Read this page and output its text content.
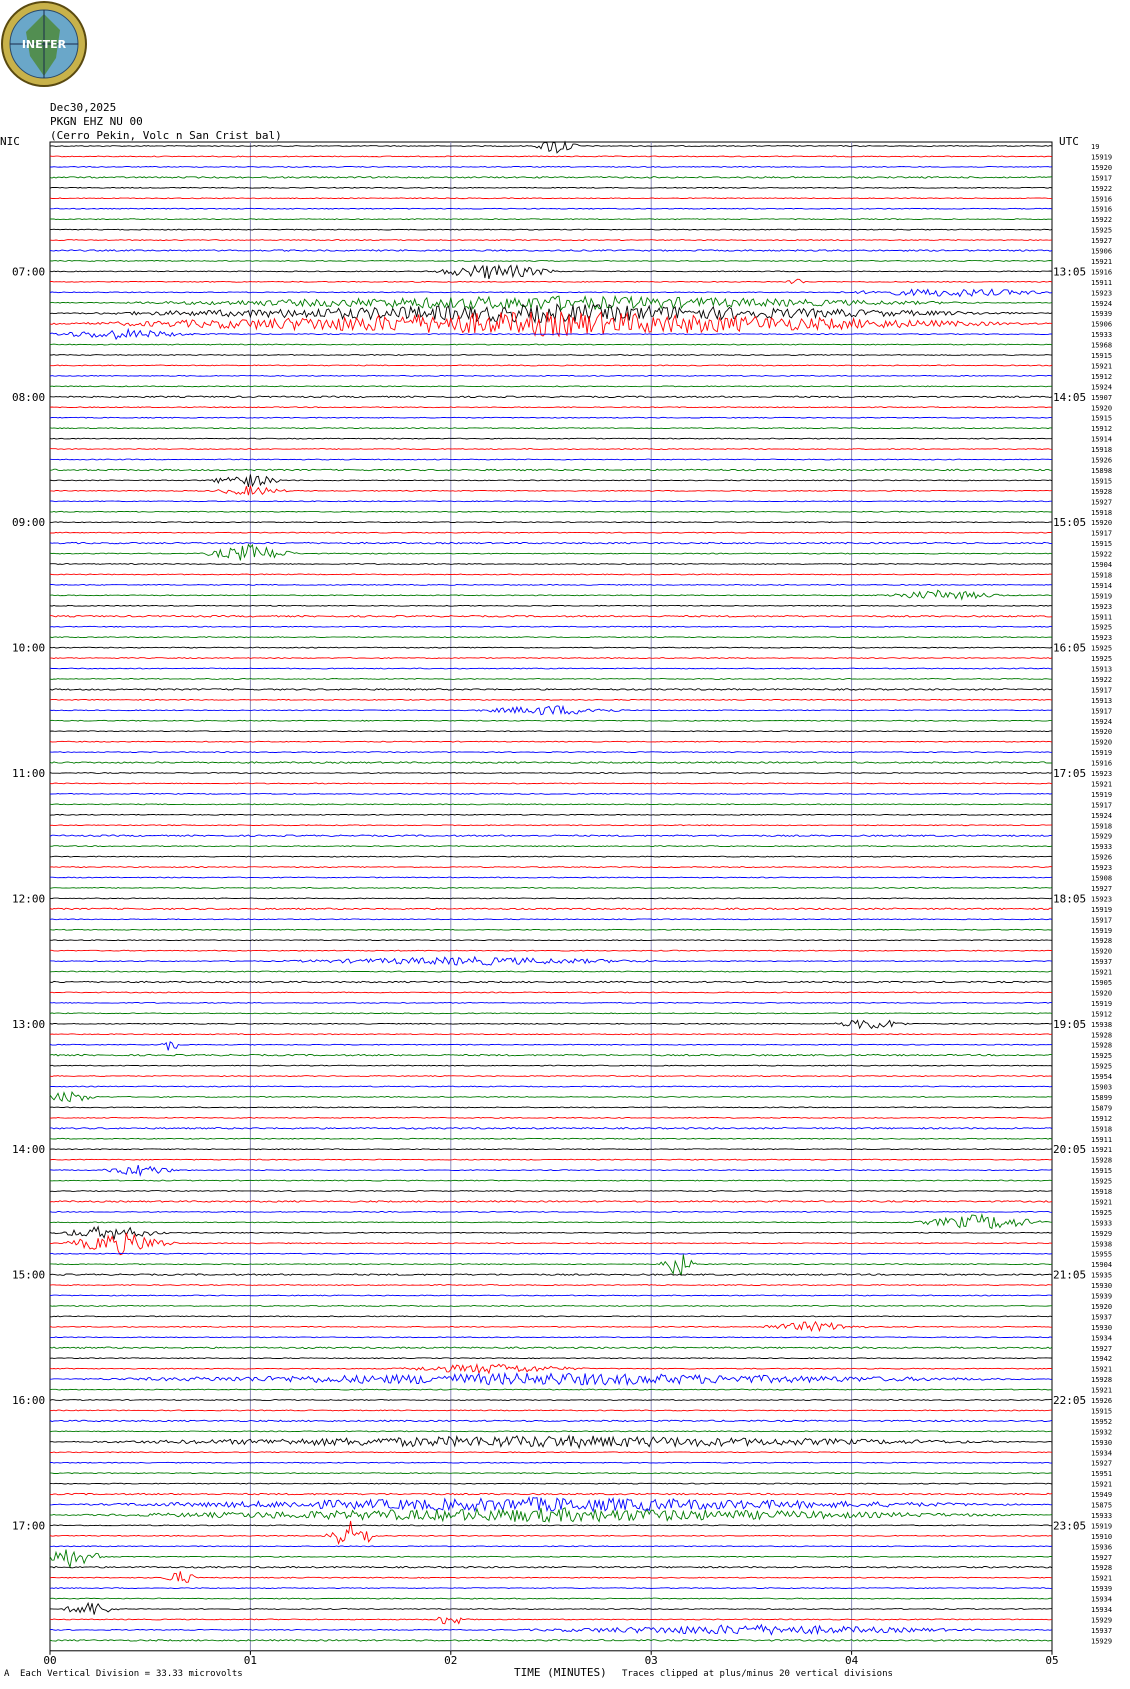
INETER
Dec30,2025
PKGN EHZ NU 00
(Cerro Pekin, Volc n San Crist bal)
19
15919
15920
15917
15922
15916
15916
15922
15925
15927
15906
15921
15916
15911
15923
15924
15939
15906
15933
15968
15915
15921
15912
15924
15907
15920
15915
15912
15914
15918
15926
15898
15915
15928
15927
15918
15920
15917
15915
15922
15904
15918
15914
15919
15923
15911
15925
15923
15925
15925
15913
15922
15917
15913
15917
15924
15920
15920
15919
15916
15923
15921
15919
15917
15924
15918
15929
15933
15926
15923
15908
15927
15923
15919
15917
15919
15928
15920
15937
15921
15905
15920
15919
15912
15938
15928
15928
15925
15925
15954
15903
15899
15879
15912
15918
15911
15921
15928
15915
15925
15918
15921
15925
15933
15929
15938
15955
15904
15935
15930
15939
15920
15937
15930
15934
15927
15942
15921
15928
15921
15926
15915
15952
15932
15930
15934
15927
15951
15921
15949
15875
15933
15919
15910
15936
15927
15928
15921
15939
15934
15934
15929
15937
15929
NIC	UTC
07:00
08:00
09:00
10:00
11:00
12:00
13:00
14:00
15:00
16:00
17:00
13:05
14:05
15:05
16:05
17:05
18:05
19:05
20:05
21:05
22:05
23:05
00	01	02	03	04	05
A Each Vertical Division = 33.33 microvolts	TIME (MINUTES) Traces clipped at plus/minus 20 vertical divisions
